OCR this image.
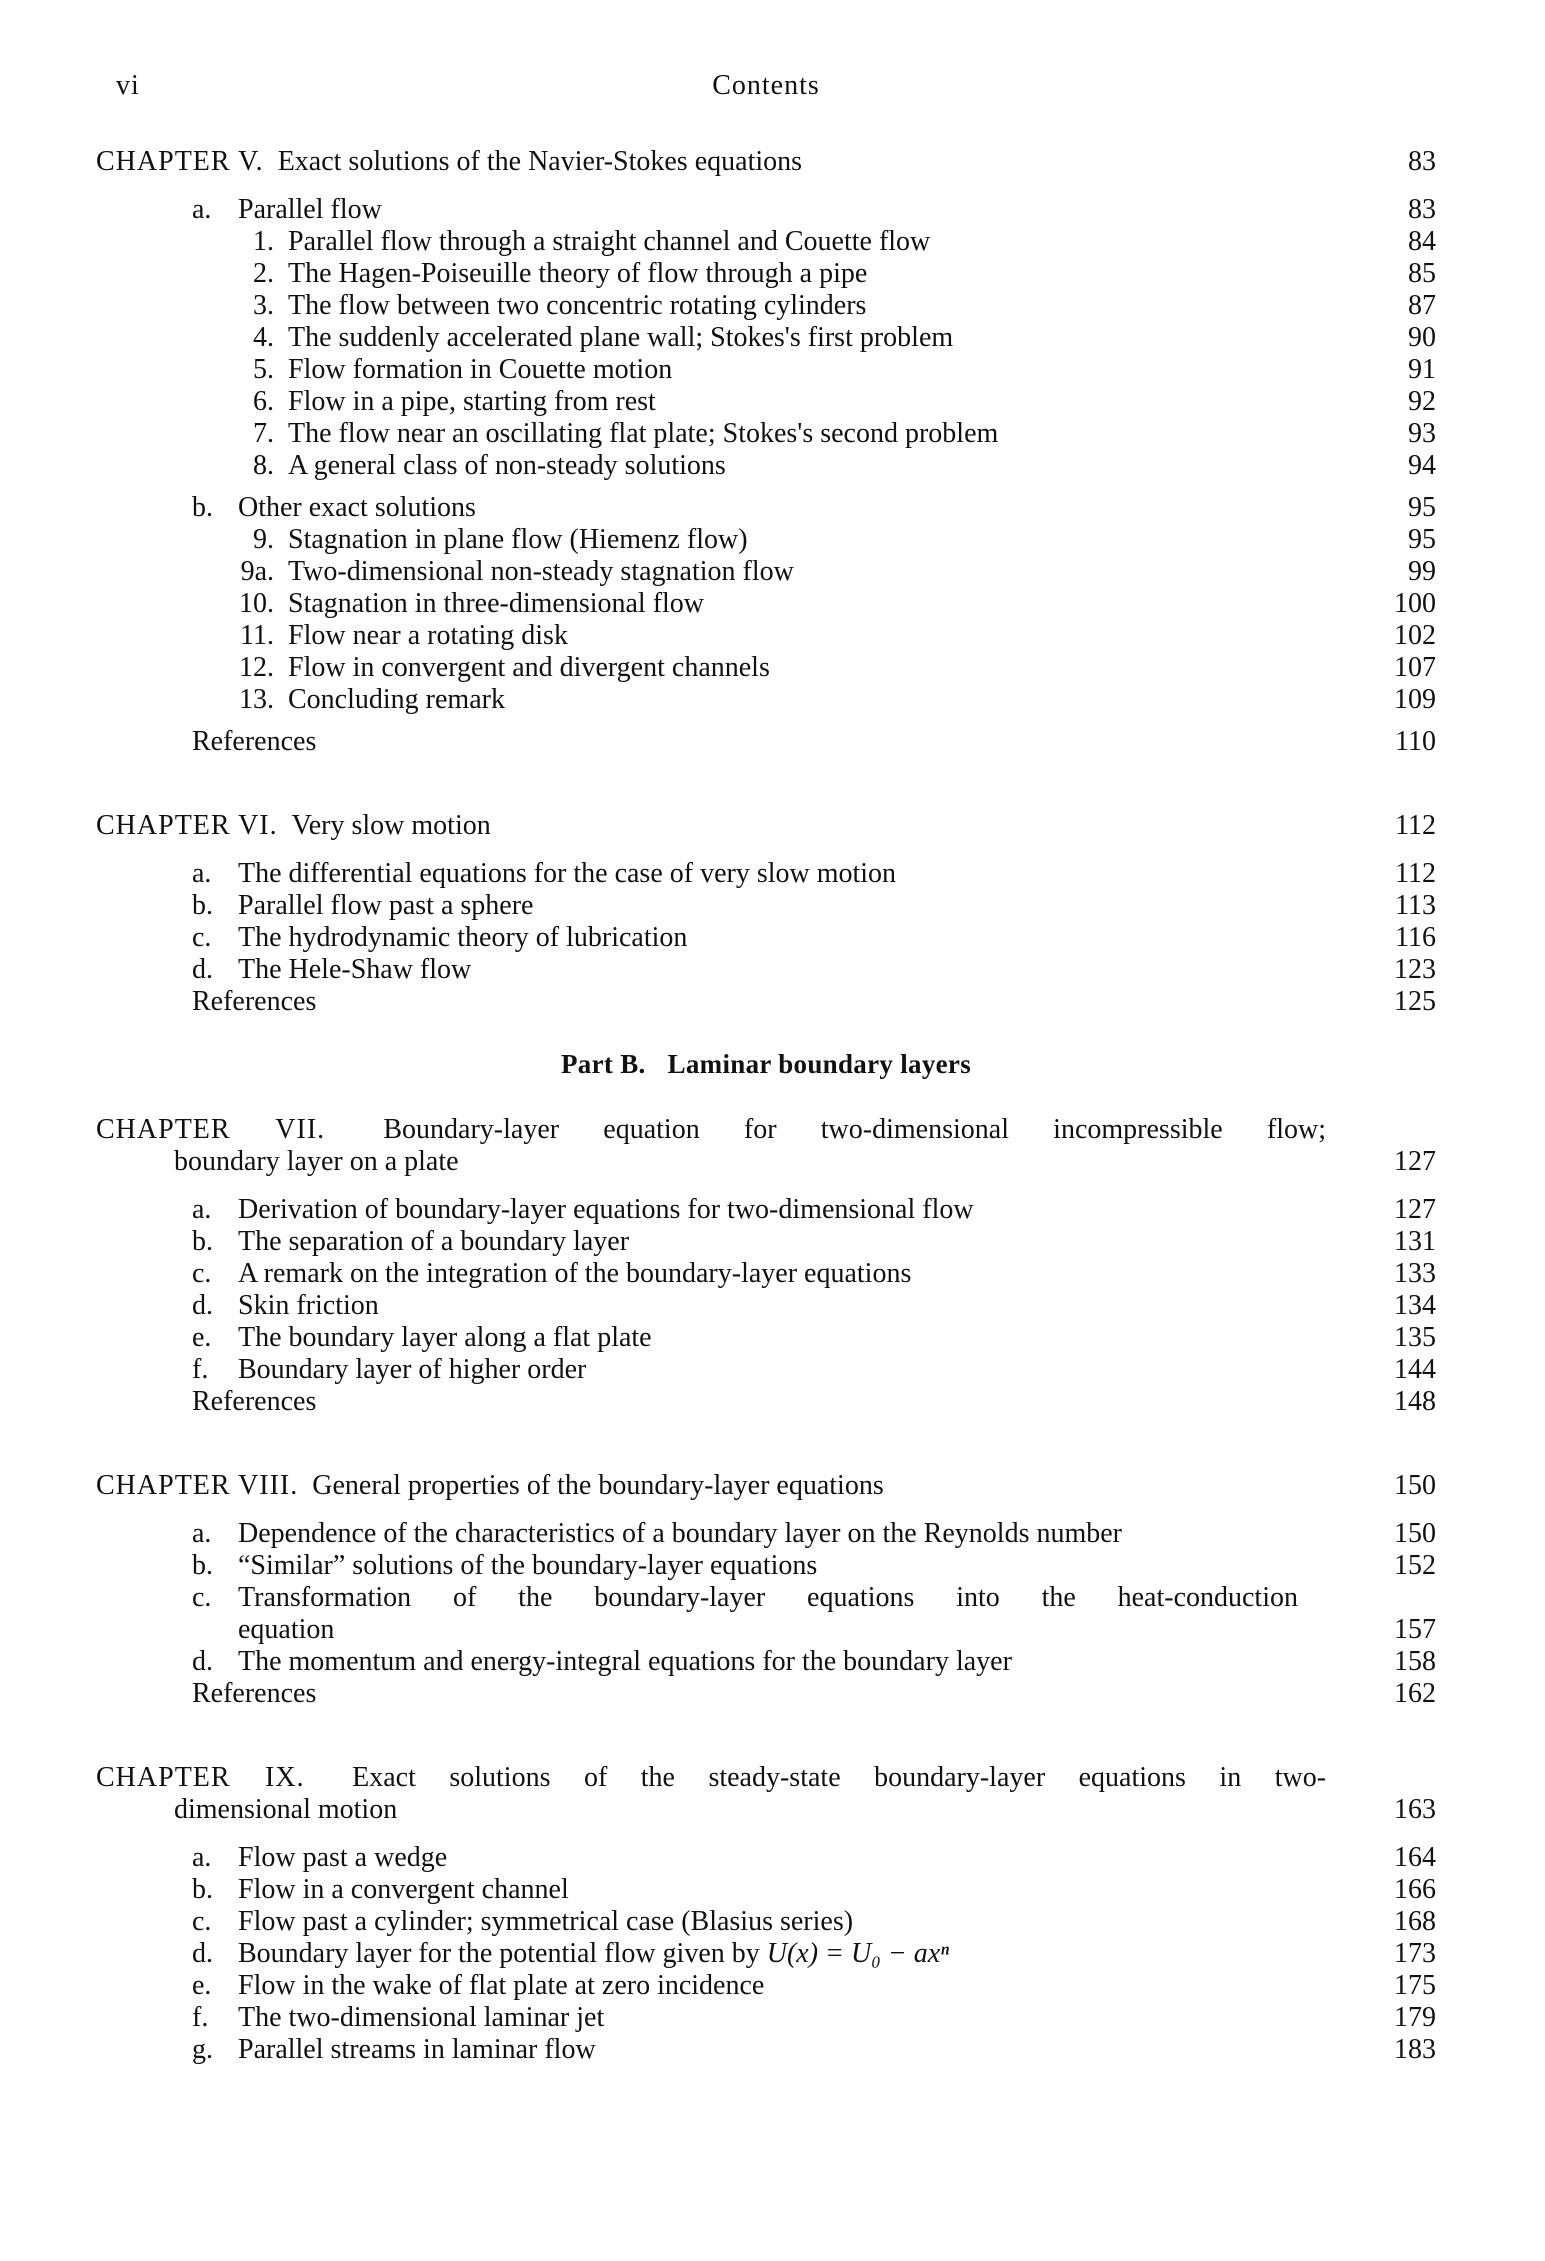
vi	Contents
CHAPTER V. Exact solutions of the Navier-Stokes equations	83
a. Parallel flow	83
1. Parallel flow through a straight channel and Couette flow	84
2. The Hagen-Poiseuille theory of flow through a pipe	85
3. The flow between two concentric rotating cylinders	87
4. The suddenly accelerated plane wall; Stokes's first problem	90
5. Flow formation in Couette motion	91
6. Flow in a pipe, starting from rest	92
7. The flow near an oscillating flat plate; Stokes's second problem	93
8. A general class of non-steady solutions	94
b. Other exact solutions	95
9. Stagnation in plane flow (Hiemenz flow)	95
9a. Two-dimensional non-steady stagnation flow	99
10. Stagnation in three-dimensional flow	100
11. Flow near a rotating disk	102
12. Flow in convergent and divergent channels	107
13. Concluding remark	109
References	110
CHAPTER VI. Very slow motion	112
a. The differential equations for the case of very slow motion	112
b. Parallel flow past a sphere	113
c. The hydrodynamic theory of lubrication	116
d. The Hele-Shaw flow	123
References	125
Part B. Laminar boundary layers
CHAPTER VII. Boundary-layer equation for two-dimensional incompressible flow;
boundary layer on a plate	127
a. Derivation of boundary-layer equations for two-dimensional flow	127
b. The separation of a boundary layer	131
c. A remark on the integration of the boundary-layer equations	133
d. Skin friction	134
e. The boundary layer along a flat plate	135
f. Boundary layer of higher order	144
References	148
CHAPTER VIII. General properties of the boundary-layer equations	150
a. Dependence of the characteristics of a boundary layer on the Reynolds number	150
b. “Similar” solutions of the boundary-layer equations	152
c. Transformation of the boundary-layer equations into the heat-conduction
equation	157
d. The momentum and energy-integral equations for the boundary layer	158
References	162
CHAPTER IX. Exact solutions of the steady-state boundary-layer equations in two-
dimensional motion	163
a. Flow past a wedge	164
b. Flow in a convergent channel	166
c. Flow past a cylinder; symmetrical case (Blasius series)	168
d. Boundary layer for the potential flow given by U(x) = U₀ − axⁿ	173
e. Flow in the wake of flat plate at zero incidence	175
f. The two-dimensional laminar jet	179
g. Parallel streams in laminar flow	183
